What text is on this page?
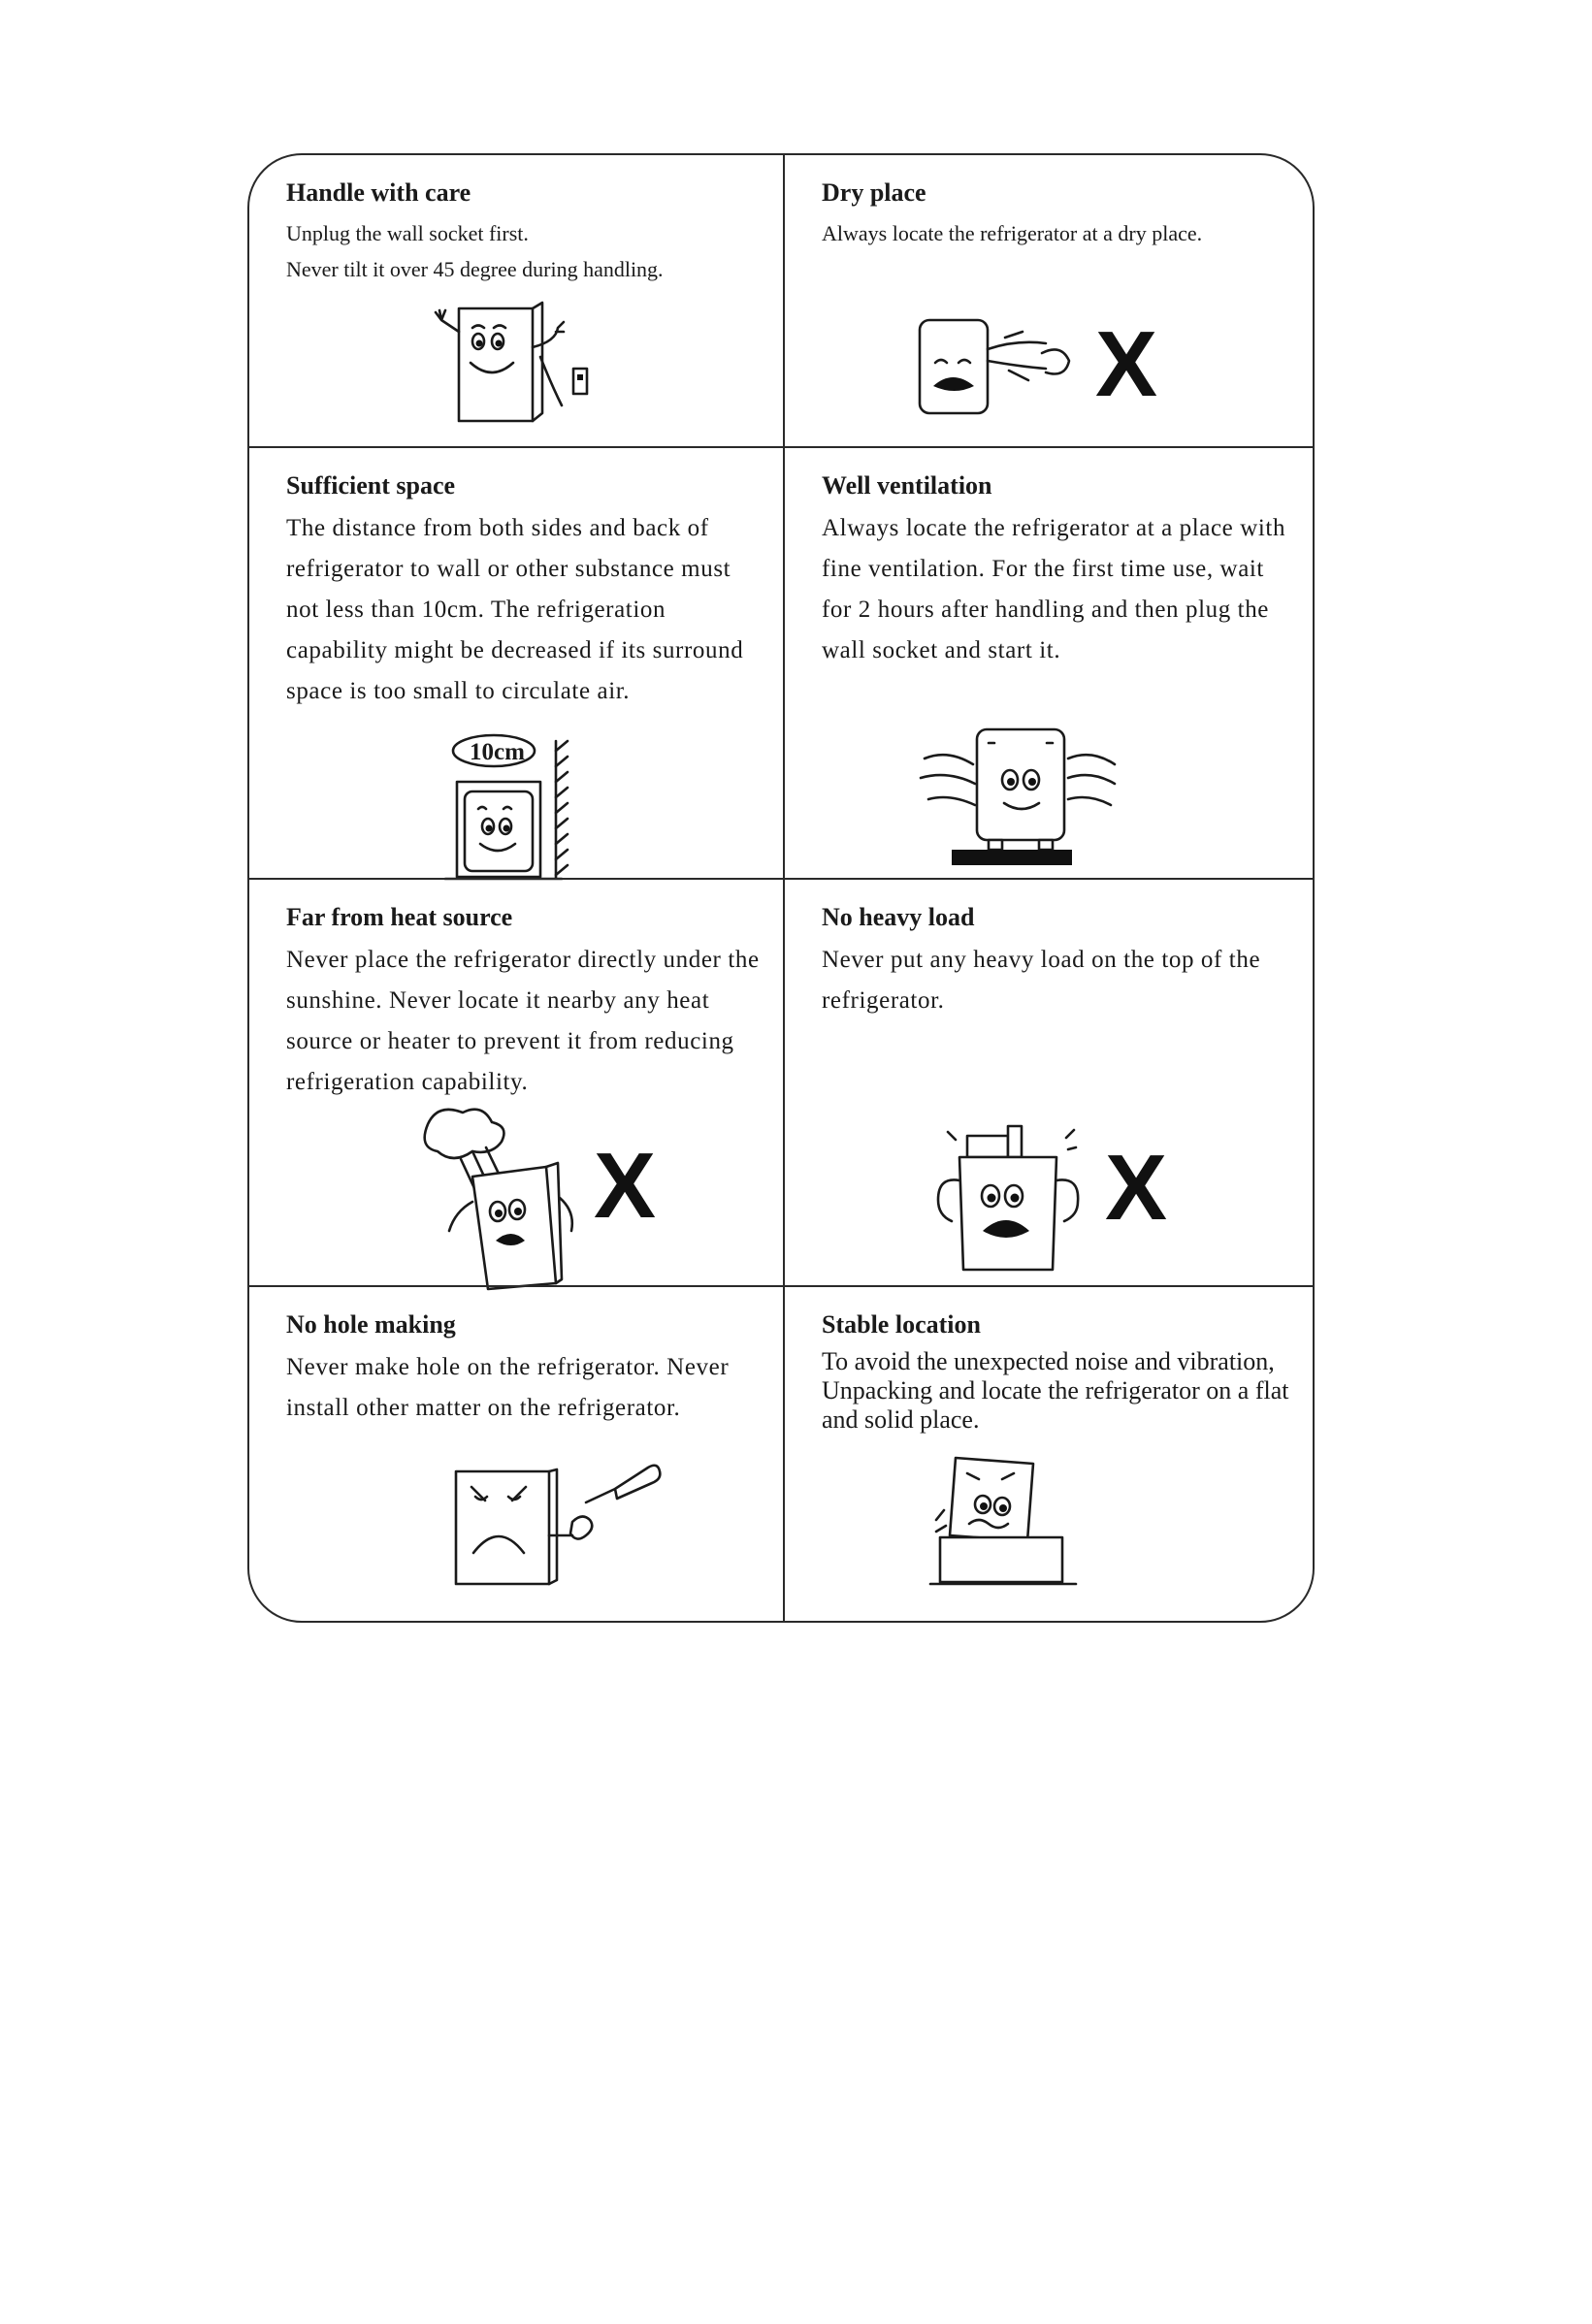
Handle with care

Unplug the wall socket first.

Never tilt it over 45 degree during handling.

Dry place

Always locate the refrigerator at a dry place.

X

Sufficient space

The distance from both sides and back of refrigerator to wall or other substance must not less than 10cm. The refrigeration capability might be decreased if its surround space is too small to circulate air.

10cm

Well ventilation

Always locate the refrigerator at a place with fine ventilation. For the first time use, wait for 2 hours after handling and then plug the wall socket and start it.

Far from heat source

Never place the refrigerator directly under the sunshine. Never locate it nearby any heat source or heater to prevent it from reducing refrigeration capability.

X

No heavy load

Never put any heavy load on the top of the refrigerator.

X

No hole making

Never make hole on the refrigerator. Never install other matter on the refrigerator.

Stable location

To avoid the unexpected noise and vibration, Unpacking and locate the refrigerator on a flat and solid place.
